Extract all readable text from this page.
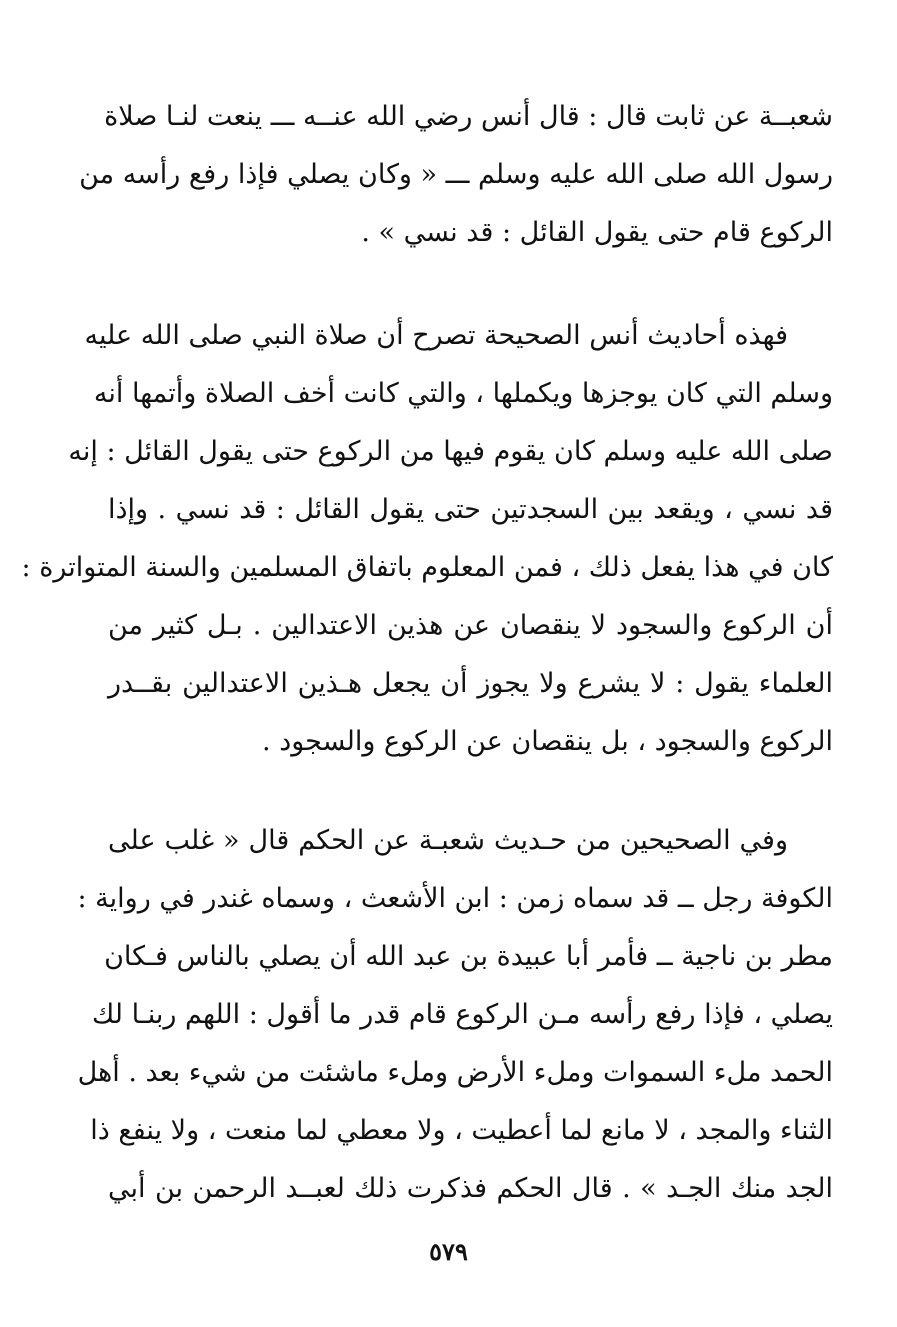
شعبــة عن ثابت قال : قال أنس رضي الله عنــه ـــ ينعت لنـا صلاة
رسول الله صلى الله عليه وسلم ـــ « وكان يصلي فإذا رفع رأسه من
الركوع قام حتى يقول القائل : قد نسي » .
فهذه أحاديث أنس الصحيحة تصرح أن صلاة النبي صلى الله عليه
وسلم التي كان يوجزها ويكملها ، والتي كانت أخف الصلاة وأتمها أنه
صلى الله عليه وسلم كان يقوم فيها من الركوع حتى يقول القائل : إنه
قد نسي ، ويقعد بين السجدتين حتى يقول القائل : قد نسي . وإذا
كان في هذا يفعل ذلك ، فمن المعلوم باتفاق المسلمين والسنة المتواترة :
أن الركوع والسجود لا ينقصان عن هذين الاعتدالين . بـل كثير من
العلماء يقول : لا يشرع ولا يجوز أن يجعل هـذين الاعتدالين بقــدر
الركوع والسجود ، بل ينقصان عن الركوع والسجود .
وفي الصحيحين من حـديث شعبـة عن الحكم قال « غلب على
الكوفة رجل ــ قد سماه زمن : ابن الأشعث ، وسماه غندر في رواية :
مطر بن ناجية ــ فأمر أبا عبيدة بن عبد الله أن يصلي بالناس فـكان
يصلي ، فإذا رفع رأسه مـن الركوع قام قدر ما أقول : اللهم ربنـا لك
الحمد ملء السموات وملء الأرض وملء ماشئت من شيء بعد . أهل
الثناء والمجد ، لا مانع لما أعطيت ، ولا معطي لما منعت ، ولا ينفع ذا
الجد منك الجـد » . قال الحكم فذكرت ذلك لعبــد الرحمن بن أبي
٥٧٩
